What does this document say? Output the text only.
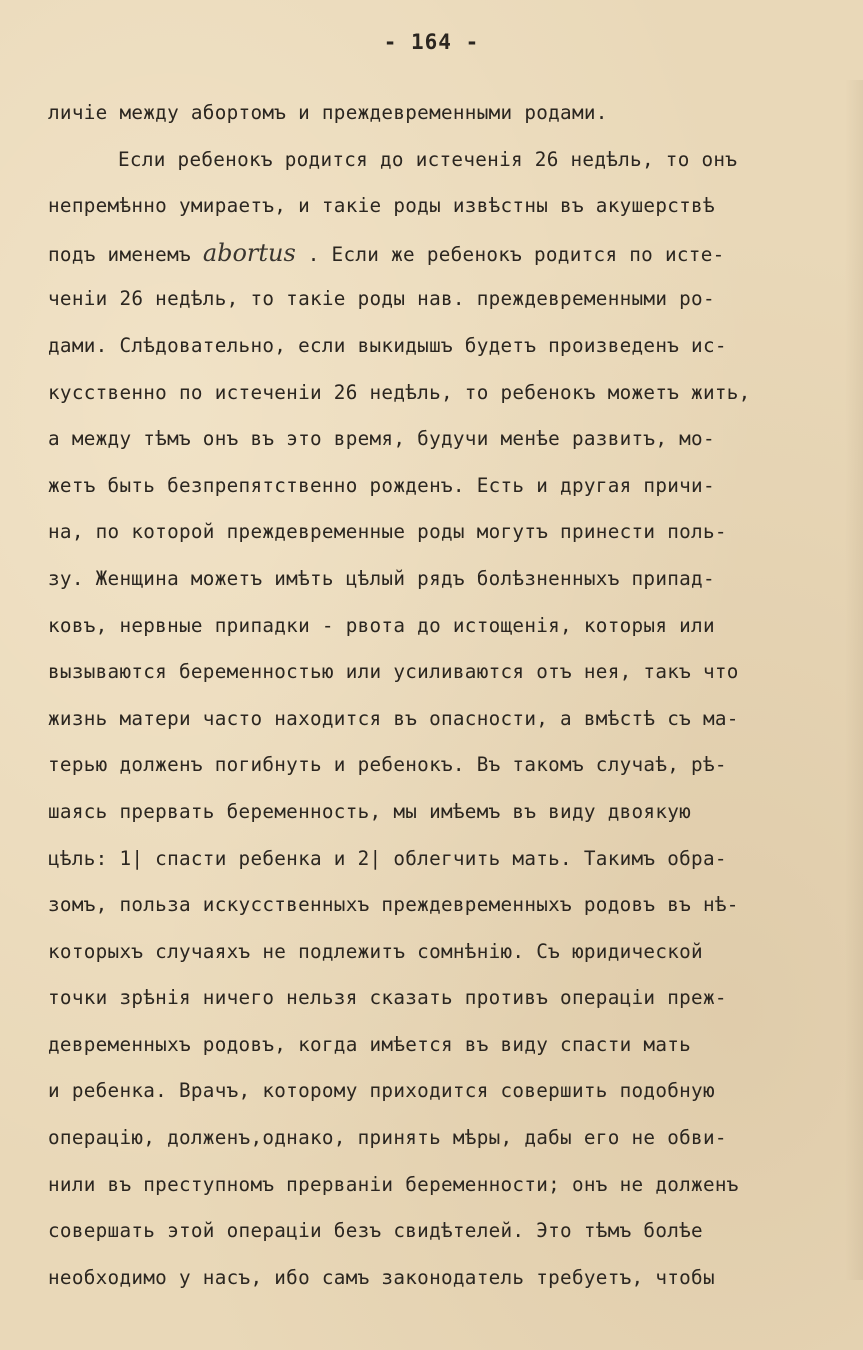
- 164 -
личiе между абортомъ и преждевременными родами.
Если ребенокъ родится до истеченiя 26 недѣль, то онъ
непремѣнно умираетъ, и такiе роды извѣстны въ акушерствѣ
подъ именемъ abortus . Если же ребенокъ родится по исте-
ченiи 26 недѣль, то такiе роды нав. преждевременными ро-
дами. Слѣдовательно, если выкидышъ будетъ произведенъ ис-
кусственно по истеченiи 26 недѣль, то ребенокъ можетъ жить,
а между тѣмъ онъ въ это время, будучи менѣе развитъ, мо-
жетъ быть безпрепятственно рожденъ. Есть и другая причи-
на, по которой преждевременные роды могутъ принести поль-
зу. Женщина можетъ имѣть цѣлый рядъ болѣзненныхъ припад-
ковъ, нервные припадки - рвота до истощенiя, которыя или
вызываются беременностью или усиливаются отъ нея, такъ что
жизнь матери часто находится въ опасности, а вмѣстѣ съ ма-
терью долженъ погибнуть и ребенокъ. Въ такомъ случаѣ, рѣ-
шаясь прервать беременность, мы имѣемъ въ виду двоякую
цѣль: 1| спасти ребенка и 2| облегчить мать. Такимъ обра-
зомъ, польза искусственныхъ преждевременныхъ родовъ въ нѣ-
которыхъ случаяхъ не подлежитъ сомнѣнiю. Съ юридической
точки зрѣнiя ничего нельзя сказать противъ операцiи преж-
девременныхъ родовъ, когда имѣется въ виду спасти мать
и ребенка. Врачъ, которому приходится совершить подобную
операцiю, долженъ,однако, принять мѣры, дабы его не обви-
нили въ преступномъ прерванiи беременности; онъ не долженъ
совершать этой операцiи безъ свидѣтелей. Это тѣмъ болѣе
необходимо у насъ, ибо самъ законодатель требуетъ, чтобы
